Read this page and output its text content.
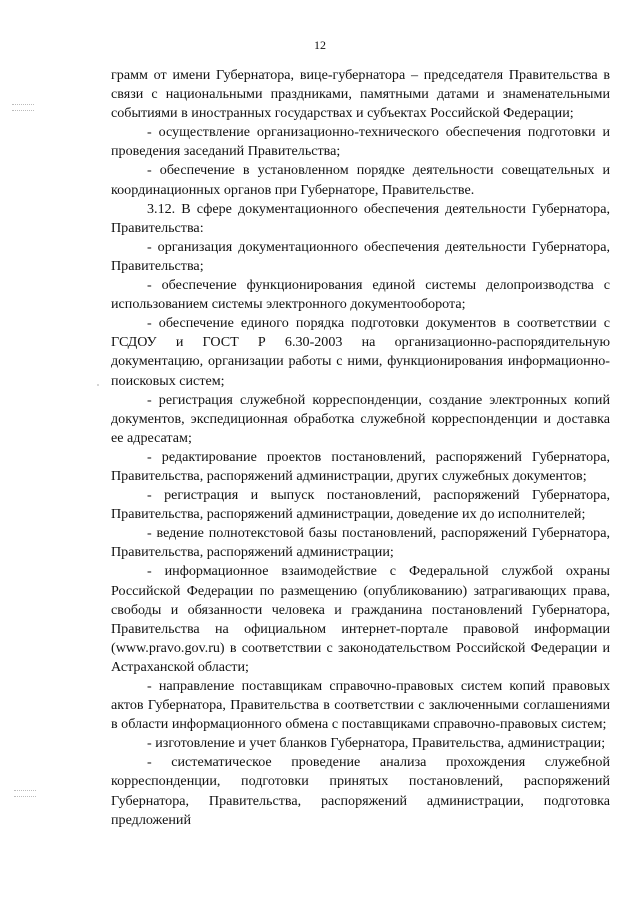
12

грамм от имени Губернатора, вице-губернатора – председателя Правительства в связи с национальными праздниками, памятными датами и знаменательными событиями в иностранных государствах и субъектах Российской Федерации;

- осуществление организационно-технического обеспечения подготовки и проведения заседаний Правительства;

- обеспечение в установленном порядке деятельности совещательных и координационных органов при Губернаторе, Правительстве.

3.12. В сфере документационного обеспечения деятельности Губернатора, Правительства:

- организация документационного обеспечения деятельности Губернатора, Правительства;

- обеспечение функционирования единой системы делопроизводства с использованием системы электронного документооборота;

- обеспечение единого порядка подготовки документов в соответствии с ГСДОУ и ГОСТ Р 6.30-2003 на организационно-распорядительную документацию, организации работы с ними, функционирования информационно-поисковых систем;

- регистрация служебной корреспонденции, создание электронных копий документов, экспедиционная обработка служебной корреспонденции и доставка ее адресатам;

- редактирование проектов постановлений, распоряжений Губернатора, Правительства, распоряжений администрации, других служебных документов;

- регистрация и выпуск постановлений, распоряжений Губернатора, Правительства, распоряжений администрации, доведение их до исполнителей;

- ведение полнотекстовой базы постановлений, распоряжений Губернатора, Правительства, распоряжений администрации;

- информационное взаимодействие с Федеральной службой охраны Российской Федерации по размещению (опубликованию) затрагивающих права, свободы и обязанности человека и гражданина постановлений Губернатора, Правительства на официальном интернет-портале правовой информации (www.pravo.gov.ru) в соответствии с законодательством Российской Федерации и Астраханской области;

- направление поставщикам справочно-правовых систем копий правовых актов Губернатора, Правительства в соответствии с заключенными соглашениями в области информационного обмена с поставщиками справочно-правовых систем;

- изготовление и учет бланков Губернатора, Правительства, администрации;

- систематическое проведение анализа прохождения служебной корреспонденции, подготовки принятых постановлений, распоряжений Губернатора, Правительства, распоряжений администрации, подготовка предложений
